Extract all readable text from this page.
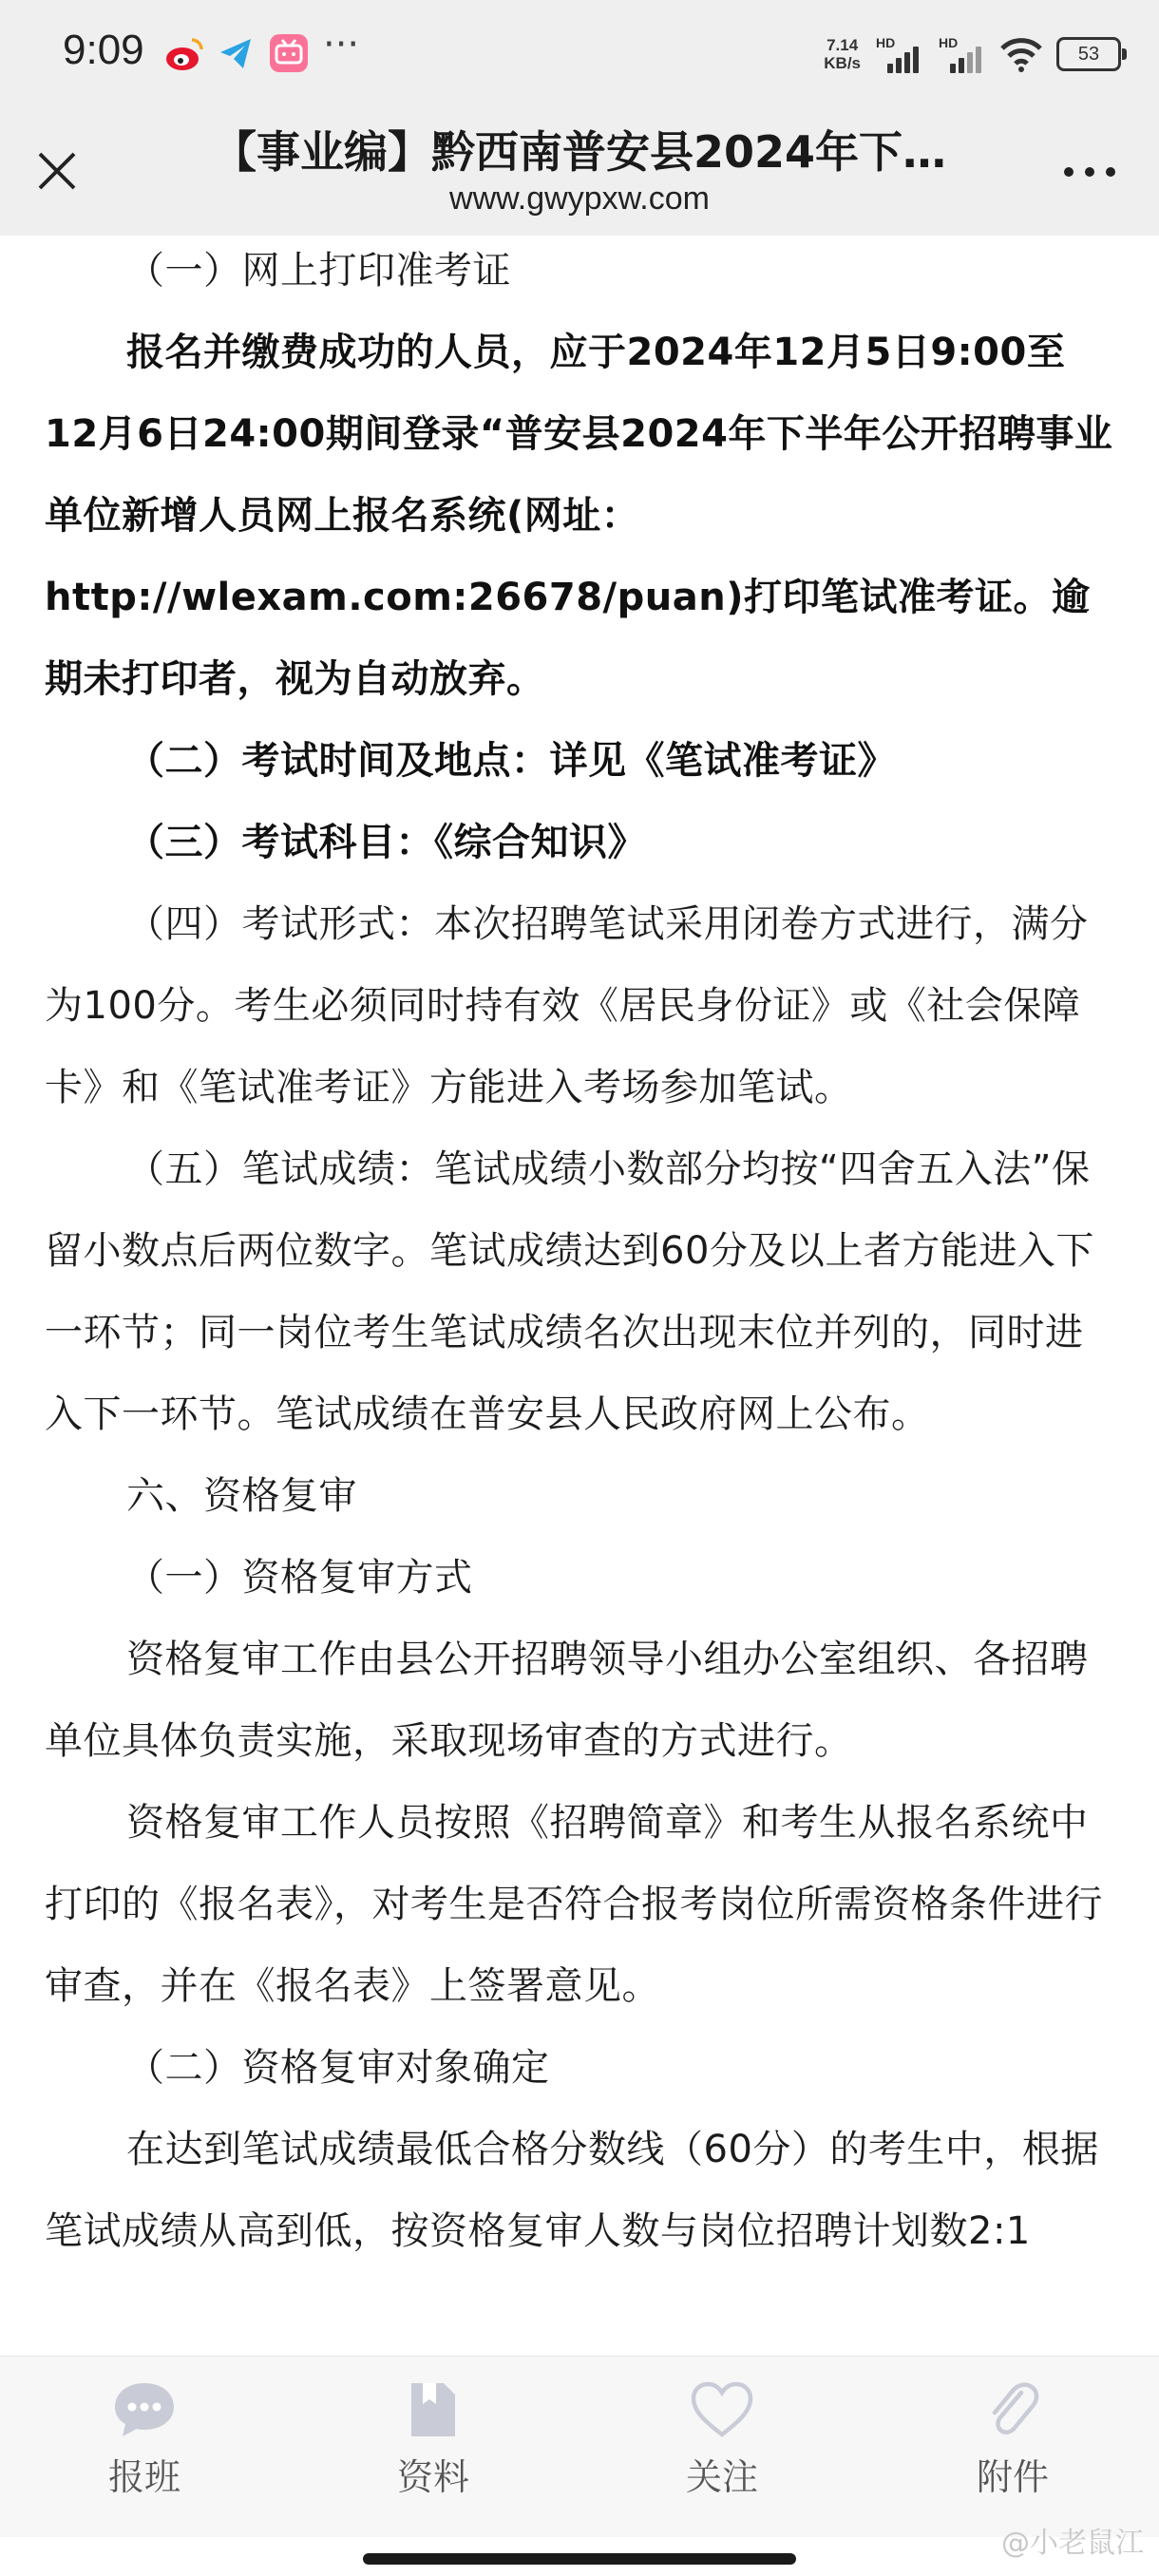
9:09	···	7.14
KB/s
HD	HD
53
【事业编】黔西南普安县2024年下…
www.gwypxw.com

（一）网上打印准考证

报名并缴费成功的人员，应于2024年12月5日9:00至12月6日24:00期间登录“普安县2024年下半年公开招聘事业单位新增人员网上报名系统(网址：http://wlexam.com:26678/puan)打印笔试准考证。逾期未打印者，视为自动放弃。

（二）考试时间及地点：详见《笔试准考证》

（三）考试科目：《综合知识》

（四）考试形式：本次招聘笔试采用闭卷方式进行，满分为100分。考生必须同时持有效《居民身份证》或《社会保障卡》和《笔试准考证》方能进入考场参加笔试。

（五）笔试成绩：笔试成绩小数部分均按“四舍五入法”保留小数点后两位数字。笔试成绩达到60分及以上者方能进入下一环节；同一岗位考生笔试成绩名次出现末位并列的，同时进入下一环节。笔试成绩在普安县人民政府网上公布。

六、资格复审

（一）资格复审方式

资格复审工作由县公开招聘领导小组办公室组织、各招聘单位具体负责实施，采取现场审查的方式进行。

资格复审工作人员按照《招聘简章》和考生从报名系统中打印的《报名表》，对考生是否符合报考岗位所需资格条件进行审查，并在《报名表》上签署意见。

（二）资格复审对象确定

在达到笔试成绩最低合格分数线（60分）的考生中，根据笔试成绩从高到低，按资格复审人数与岗位招聘计划数2:1

报班	资料	关注	附件
@小老鼠江
